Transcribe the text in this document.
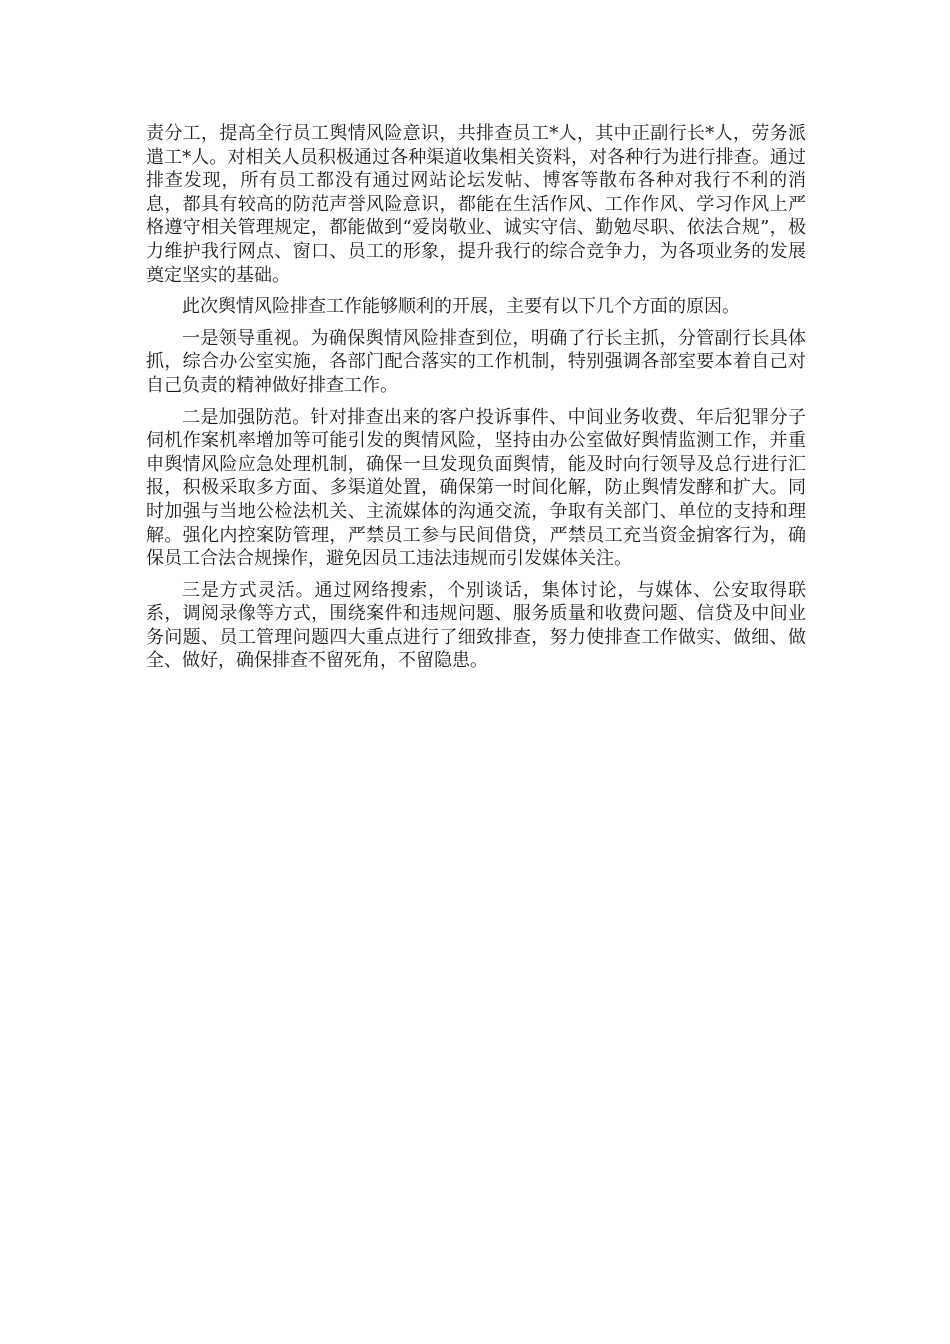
责分工，提高全行员工舆情风险意识，共排查员工*人，其中正副行长*人，劳务派遣工*人。对相关人员积极通过各种渠道收集相关资料，对各种行为进行排查。通过排查发现，所有员工都没有通过网站论坛发帖、博客等散布各种对我行不利的消息，都具有较高的防范声誉风险意识，都能在生活作风、工作作风、学习作风上严格遵守相关管理规定，都能做到“爱岗敬业、诚实守信、勤勉尽职、依法合规”，极力维护我行网点、窗口、员工的形象，提升我行的综合竞争力，为各项业务的发展奠定坚实的基础。

此次舆情风险排查工作能够顺利的开展，主要有以下几个方面的原因。

一是领导重视。为确保舆情风险排查到位，明确了行长主抓，分管副行长具体抓，综合办公室实施，各部门配合落实的工作机制，特别强调各部室要本着自己对自己负责的精神做好排查工作。

二是加强防范。针对排查出来的客户投诉事件、中间业务收费、年后犯罪分子伺机作案机率增加等可能引发的舆情风险，坚持由办公室做好舆情监测工作，并重申舆情风险应急处理机制，确保一旦发现负面舆情，能及时向行领导及总行进行汇报，积极采取多方面、多渠道处置，确保第一时间化解，防止舆情发酵和扩大。同时加强与当地公检法机关、主流媒体的沟通交流，争取有关部门、单位的支持和理解。强化内控案防管理，严禁员工参与民间借贷，严禁员工充当资金掮客行为，确保员工合法合规操作，避免因员工违法违规而引发媒体关注。

三是方式灵活。通过网络搜索，个别谈话，集体讨论，与媒体、公安取得联系，调阅录像等方式，围绕案件和违规问题、服务质量和收费问题、信贷及中间业务问题、员工管理问题四大重点进行了细致排查，努力使排查工作做实、做细、做全、做好，确保排查不留死角，不留隐患。
